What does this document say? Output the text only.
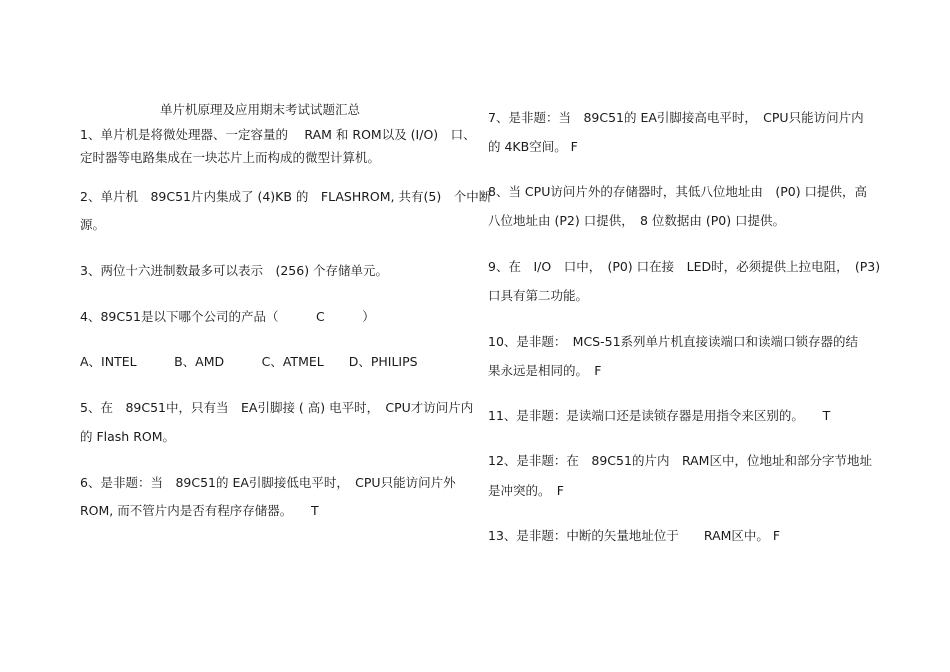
单片机原理及应用期末考试试题汇总
1、单片机是将微处理器、一定容量的　 RAM 和 ROM以及 (I/O)　口、
定时器等电路集成在一块芯片上而构成的微型计算机。
2、单片机　89C51片内集成了 (4)KB 的　FLASHROM, 共有(5)　个中断
源。
3、两位十六进制数最多可以表示　(256) 个存储单元。
4、89C51是以下哪个公司的产品（　　　C　　　）
A、INTEL　　　B、AMD　　　C、ATMEL　　D、PHILIPS
5、在　89C51中，只有当　EA引脚接 ( 高) 电平时，　CPU才访问片内
的 Flash ROM。
6、是非题：当　89C51的 EA引脚接低电平时，　CPU只能访问片外
ROM, 而不管片内是否有程序存储器。　　T
7、是非题：当　89C51的 EA引脚接高电平时，　CPU只能访问片内
的 4KB空间。 F
8、当 CPU访问片外的存储器时，其低八位地址由　(P0) 口提供，高
八位地址由 (P2) 口提供，　8 位数据由 (P0) 口提供。
9、在　I/O　口中，　(P0) 口在接　LED时，必须提供上拉电阻，　(P3)
口具有第二功能。
10、是非题：　MCS-51系列单片机直接读端口和读端口锁存器的结
果永远是相同的。　F
11、是非题：是读端口还是读锁存器是用指令来区别的。　　T
12、是非题：在　89C51的片内　RAM区中，位地址和部分字节地址
是冲突的。　F
13、是非题：中断的矢量地址位于　　RAM区中。 F
